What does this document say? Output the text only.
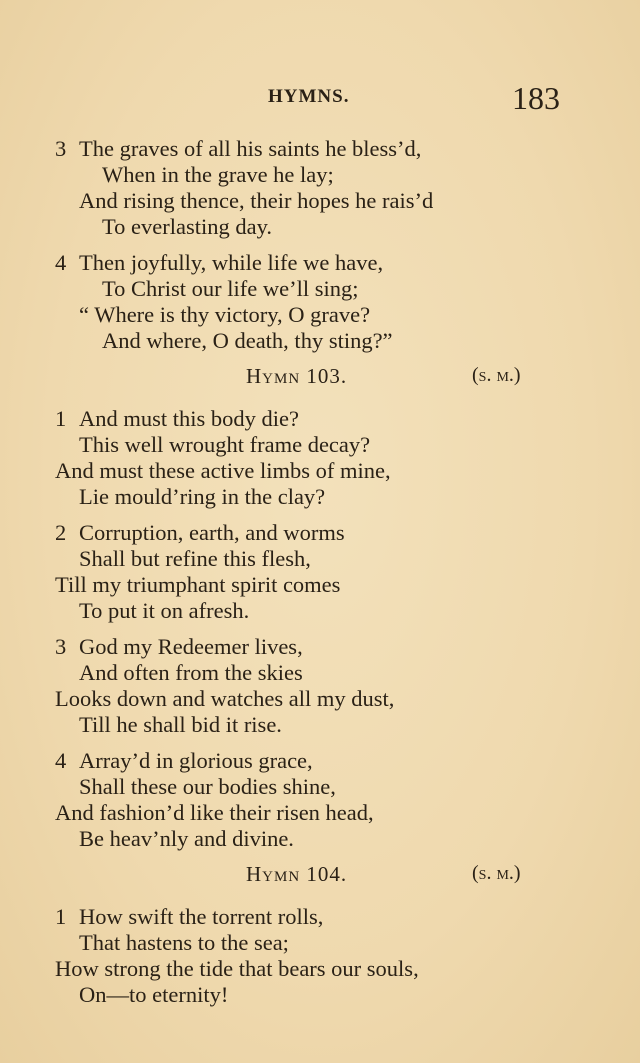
HYMNS.	183
3 The graves of all his saints he bless’d,
When in the grave he lay;
And rising thence, their hopes he rais’d
To everlasting day.
4 Then joyfully, while life we have,
To Christ our life we’ll sing;
“ Where is thy victory, O grave?
And where, O death, thy sting?”
Hymn 103.	(s. m.)
1 And must this body die?
This well wrought frame decay?
And must these active limbs of mine,
Lie mould’ring in the clay?
2 Corruption, earth, and worms
Shall but refine this flesh,
Till my triumphant spirit comes
To put it on afresh.
3 God my Redeemer lives,
And often from the skies
Looks down and watches all my dust,
Till he shall bid it rise.
4 Array’d in glorious grace,
Shall these our bodies shine,
And fashion’d like their risen head,
Be heav’nly and divine.
Hymn 104.	(s. m.)
1 How swift the torrent rolls,
That hastens to the sea;
How strong the tide that bears our souls,
On—to eternity!
